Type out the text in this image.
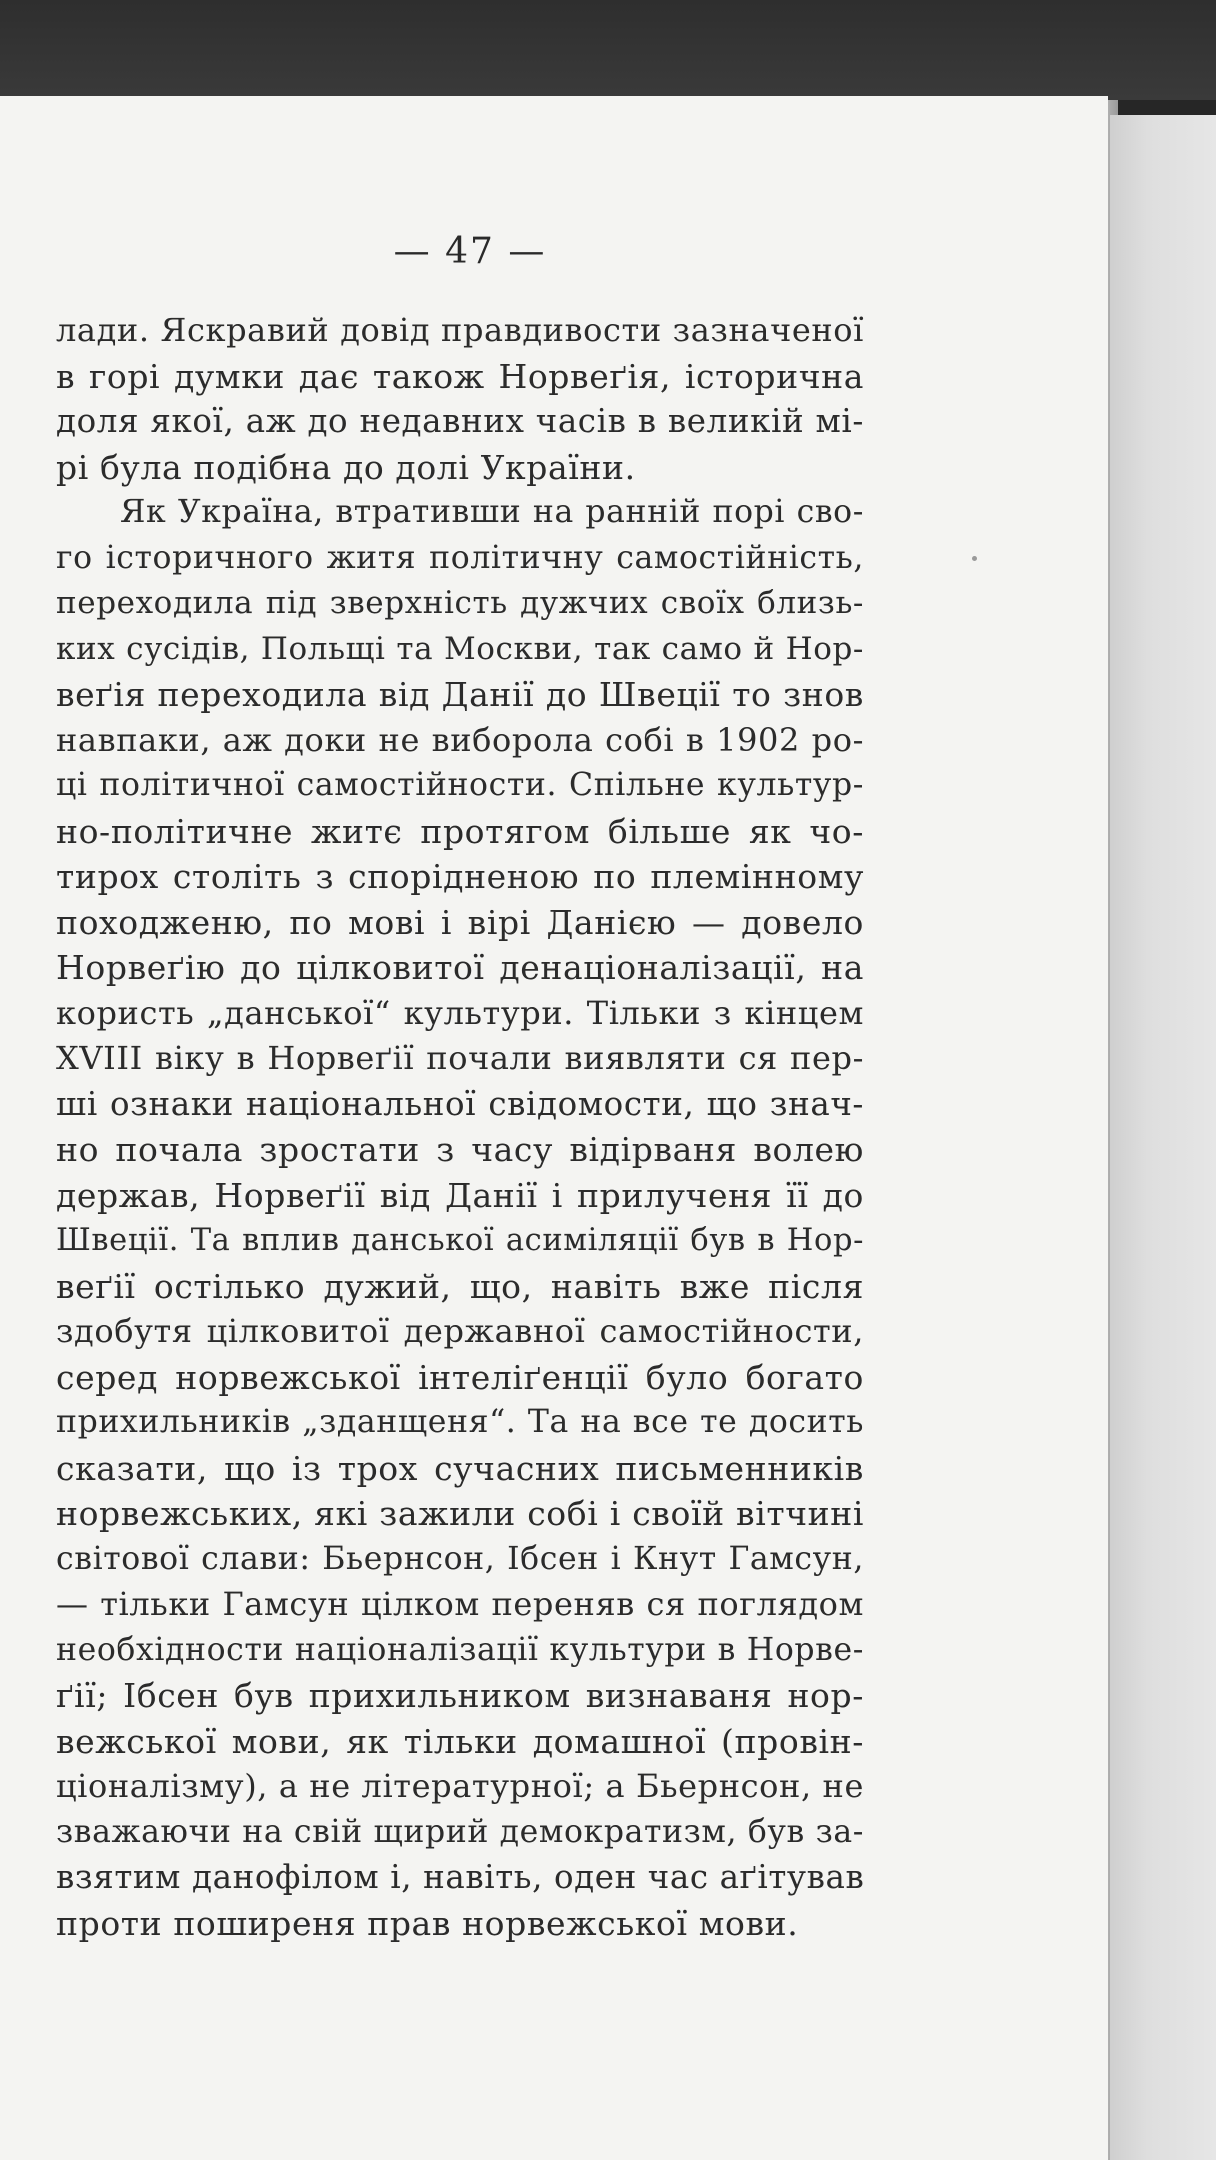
— 47 —
лади. Яскравий довід правдивости зазначеної
в горі думки дає також Норвеґія, історична
доля якої, аж до недавних часів в великій мі-
рі була подібна до долі України.
Як Україна, втративши на ранній порі сво-
го історичного житя політичну самостійність,
переходила під зверхність дужчих своїх близь-
ких сусідів, Польщі та Москви, так само й Нор-
веґія переходила від Данії до Швеції то знов
навпаки, аж доки не виборола собі в 1902 ро-
ці політичної самостійности. Спільне культур-
но-політичне житє протягом більше як чо-
тирох століть з спорідненою по племінному
походженю, по мові і вірі Данією — довело
Норвеґію до цілковитої денаціоналізації, на
користь „данської“ культури. Тільки з кінцем
XVIII віку в Норвеґії почали виявляти ся пер-
ші ознаки національної свідомости, що знач-
но почала зростати з часу відірваня волею
держав, Норвеґії від Данії і прилученя її до
Швеції. Та вплив данської асиміляції був в Нор-
веґії остілько дужий, що, навіть вже після
здобутя цілковитої державної самостійности,
серед норвежської інтеліґенції було богато
прихильників „зданщеня“. Та на все те досить
сказати, що із трох сучасних письменників
норвежських, які зажили собі і своїй вітчині
світової слави: Бьернсон, Ібсен і Кнут Гамсун,
— тільки Гамсун цілком переняв ся поглядом
необхідности націоналізації культури в Норве-
ґії; Ібсен був прихильником визнаваня нор-
вежської мови, як тільки домашної (провін-
ціоналізму), а не літературної; а Бьернсон, не
зважаючи на свій щирий демократизм, був за-
взятим данофілом і, навіть, оден час аґітував
проти поширеня прав норвежської мови.
